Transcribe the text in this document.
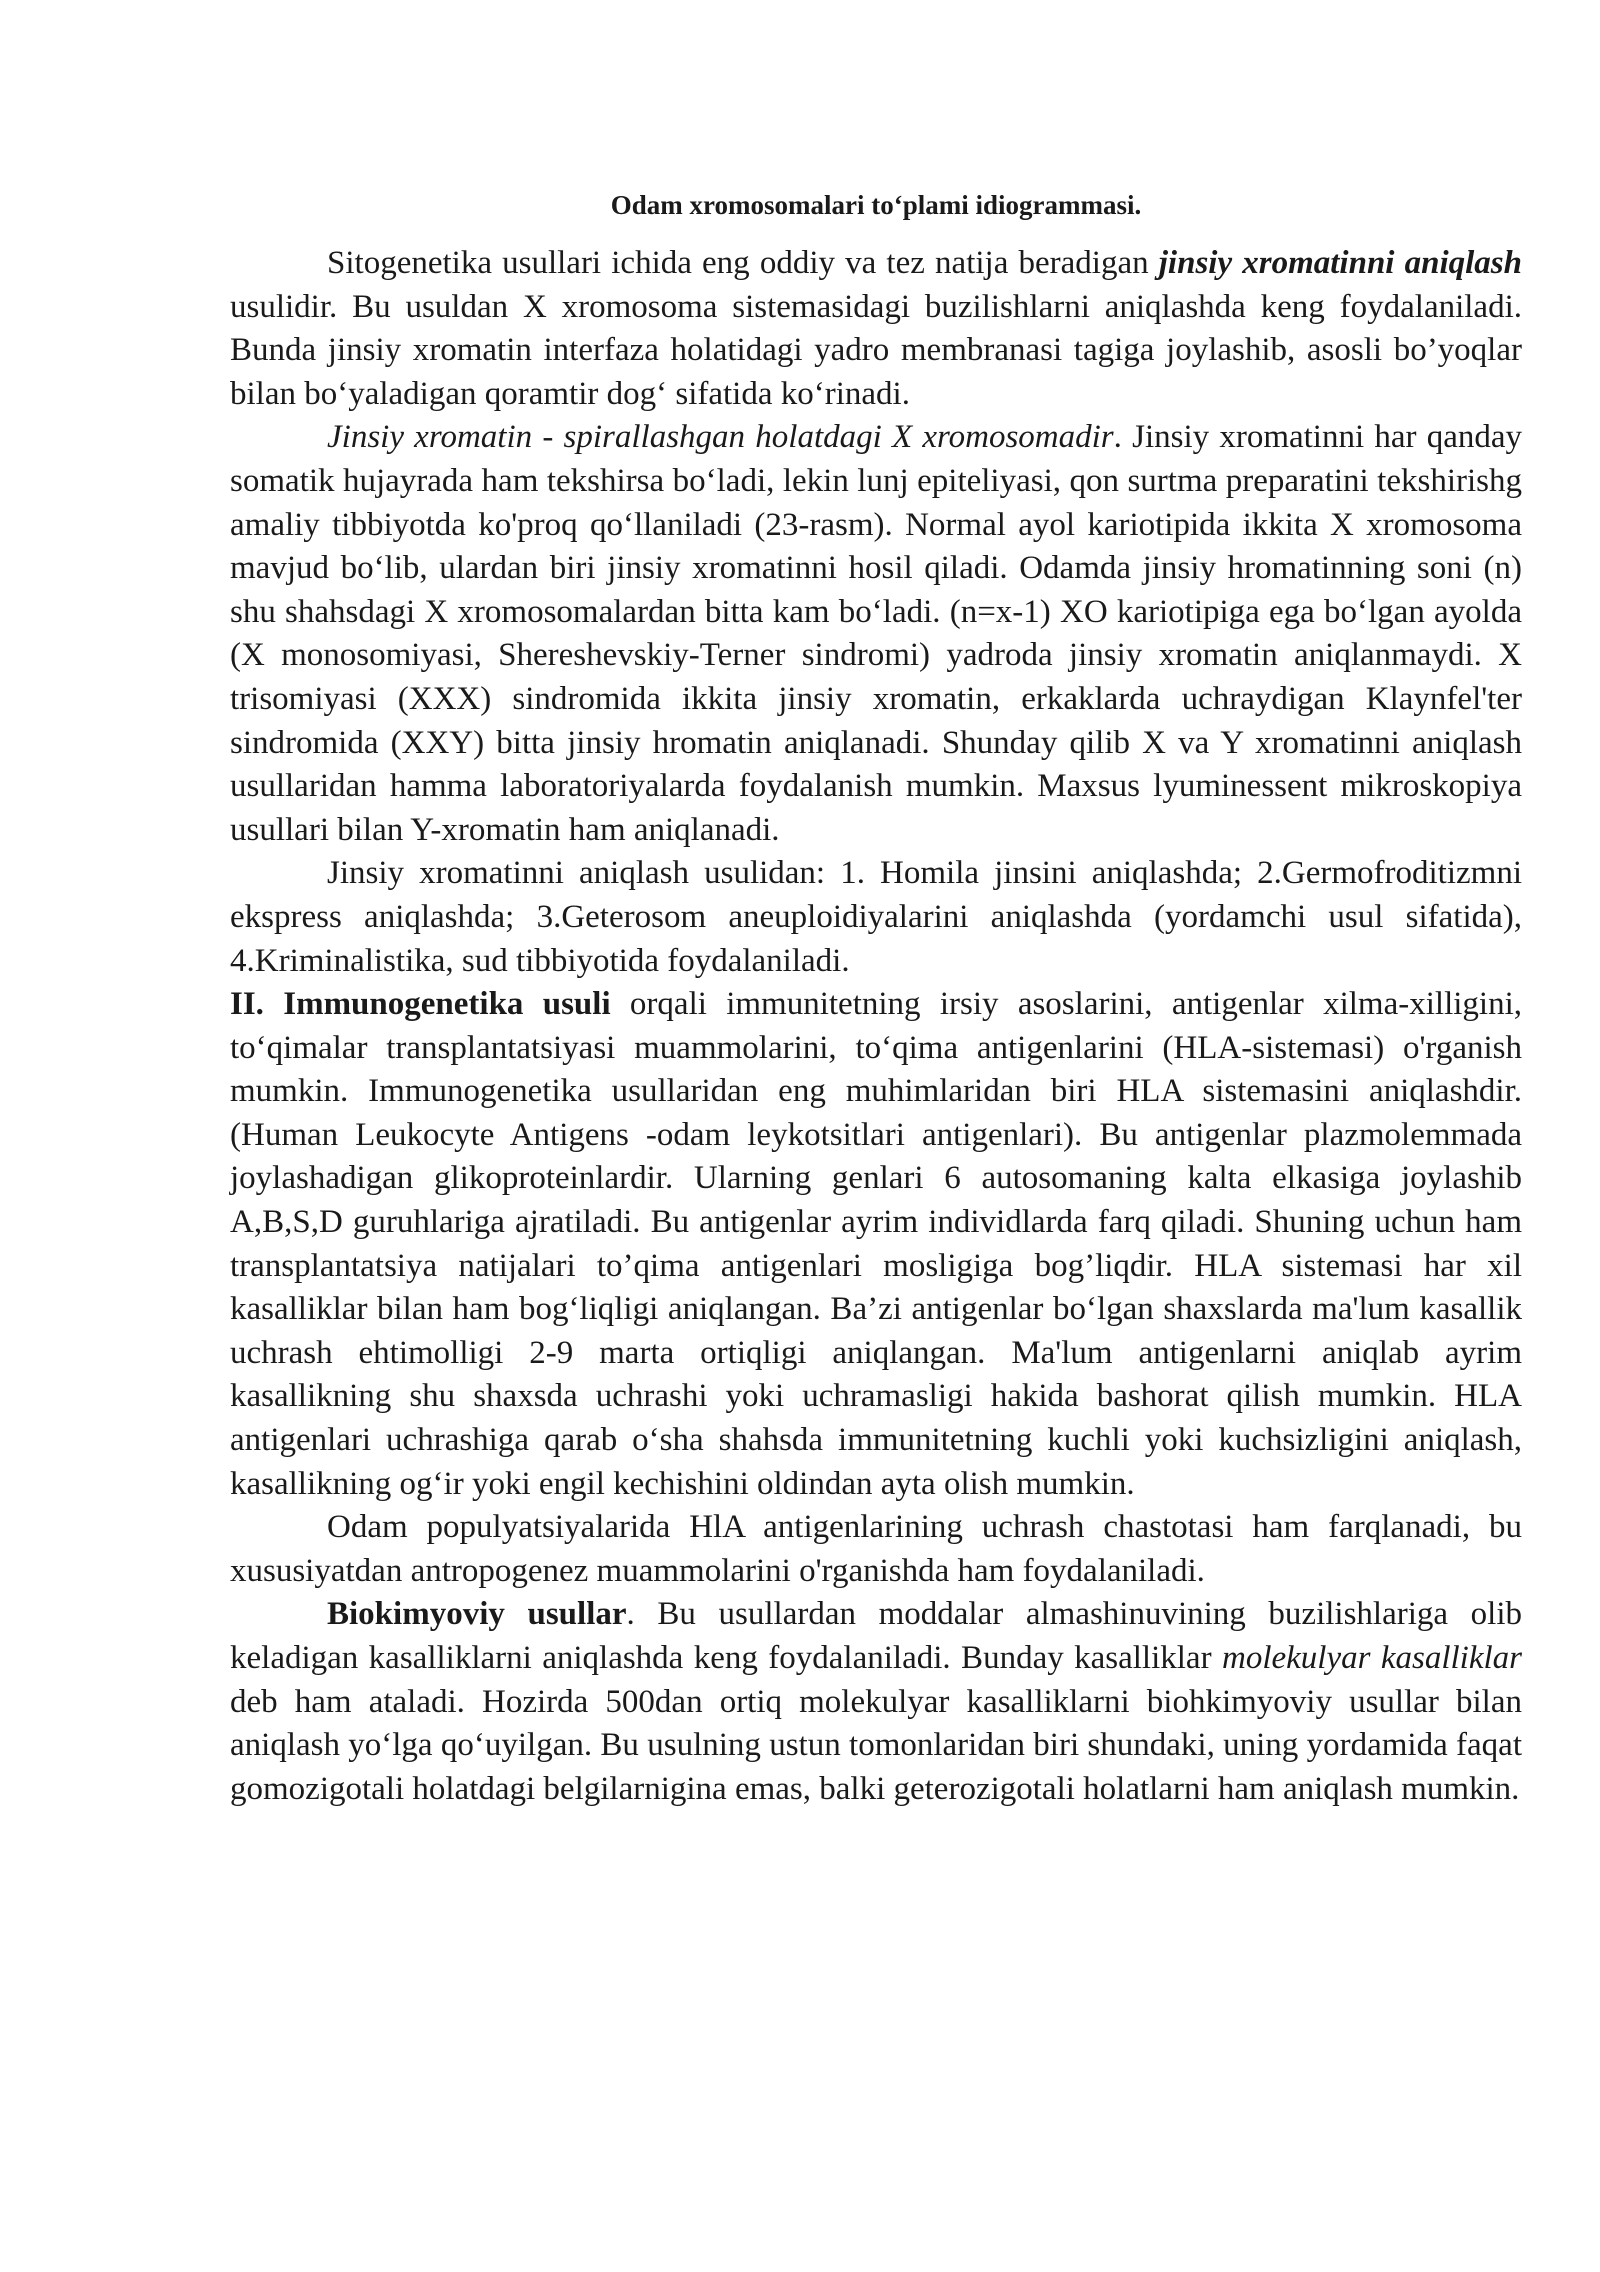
Odam xromosomalari to‘plami idiogrammasi.

Sitogenetika usullari ichida eng oddiy va tez natija beradigan jinsiy xromatinni aniqlash usulidir. Bu usuldan X xromosoma sistemasidagi buzilishlarni aniqlashda keng foydalaniladi. Bunda jinsiy xromatin interfaza holatidagi yadro membranasi tagiga joylashib, asosli bo’yoqlar bilan bo‘yaladigan qoramtir dog‘ sifatida ko‘rinadi.

Jinsiy xromatin - spirallashgan holatdagi X xromosomadir. Jinsiy xromatinni har qanday somatik hujayrada ham tekshirsa bo‘ladi, lekin lunj epiteliyasi, qon surtma preparatini tekshirishg amaliy tibbiyotda ko'proq qo‘llaniladi (23-rasm). Normal ayol kariotipida ikkita X xromosoma mavjud bo‘lib, ulardan biri jinsiy xromatinni hosil qiladi. Odamda jinsiy hromatinning soni (n) shu shahsdagi X xromosomalardan bitta kam bo‘ladi. (n=x-1) XO kariotipiga ega bo‘lgan ayolda (X monosomiyasi, Shereshevskiy-Terner sindromi) yadroda jinsiy xromatin aniqlanmaydi. X trisomiyasi (XXX) sindromida ikkita jinsiy xromatin, erkaklarda uchraydigan Klaynfel'ter sindromida (XXY) bitta jinsiy hromatin aniqlanadi. Shunday qilib X va Y xromatinni aniqlash usullaridan hamma laboratoriyalarda foydalanish mumkin. Maxsus lyuminessent mikroskopiya usullari bilan Y-xromatin ham aniqlanadi.

Jinsiy xromatinni aniqlash usulidan: 1. Homila jinsini aniqlashda; 2.Germofroditizmni ekspress aniqlashda; 3.Geterosom aneuploidiyalarini aniqlashda (yordamchi usul sifatida), 4.Kriminalistika, sud tibbiyotida foydalaniladi.

II. Immunogenetika usuli orqali immunitetning irsiy asoslarini, antigenlar xilma-xilligini, to‘qimalar transplantatsiyasi muammolarini, to‘qima antigenlarini (HLA-sistemasi) o'rganish mumkin. Immunogenetika usullaridan eng muhimlaridan biri HLA sistemasini aniqlashdir. (Human Leukocyte Antigens -odam leykotsitlari antigenlari). Bu antigenlar plazmolemmada joylashadigan glikoproteinlardir. Ularning genlari 6 autosomaning kalta elkasiga joylashib A,B,S,D guruhlariga ajratiladi. Bu antigenlar ayrim individlarda farq qiladi. Shuning uchun ham transplantatsiya natijalari to’qima antigenlari mosligiga bog’liqdir. HLA sistemasi har xil kasalliklar bilan ham bog‘liqligi aniqlangan. Ba’zi antigenlar bo‘lgan shaxslarda ma'lum kasallik uchrash ehtimolligi 2-9 marta ortiqligi aniqlangan. Ma'lum antigenlarni aniqlab ayrim kasallikning shu shaxsda uchrashi yoki uchramasligi hakida bashorat qilish mumkin. HLA antigenlari uchrashiga qarab o‘sha shahsda immunitetning kuchli yoki kuchsizligini aniqlash, kasallikning og‘ir yoki engil kechishini oldindan ayta olish mumkin.

Odam populyatsiyalarida HlA antigenlarining uchrash chastotasi ham farqlanadi, bu xususiyatdan antropogenez muammolarini o'rganishda ham foydalaniladi.

Biokimyoviy usullar. Bu usullardan moddalar almashinuvining buzilishlariga olib keladigan kasalliklarni aniqlashda keng foydalaniladi. Bunday kasalliklar molekulyar kasalliklar deb ham ataladi. Hozirda 500dan ortiq molekulyar kasalliklarni biohkimyoviy usullar bilan aniqlash yo‘lga qo‘uyilgan. Bu usulning ustun tomonlaridan biri shundaki, uning yordamida faqat gomozigotali holatdagi belgilarnigina emas, balki geterozigotali holatlarni ham aniqlash mumkin.
